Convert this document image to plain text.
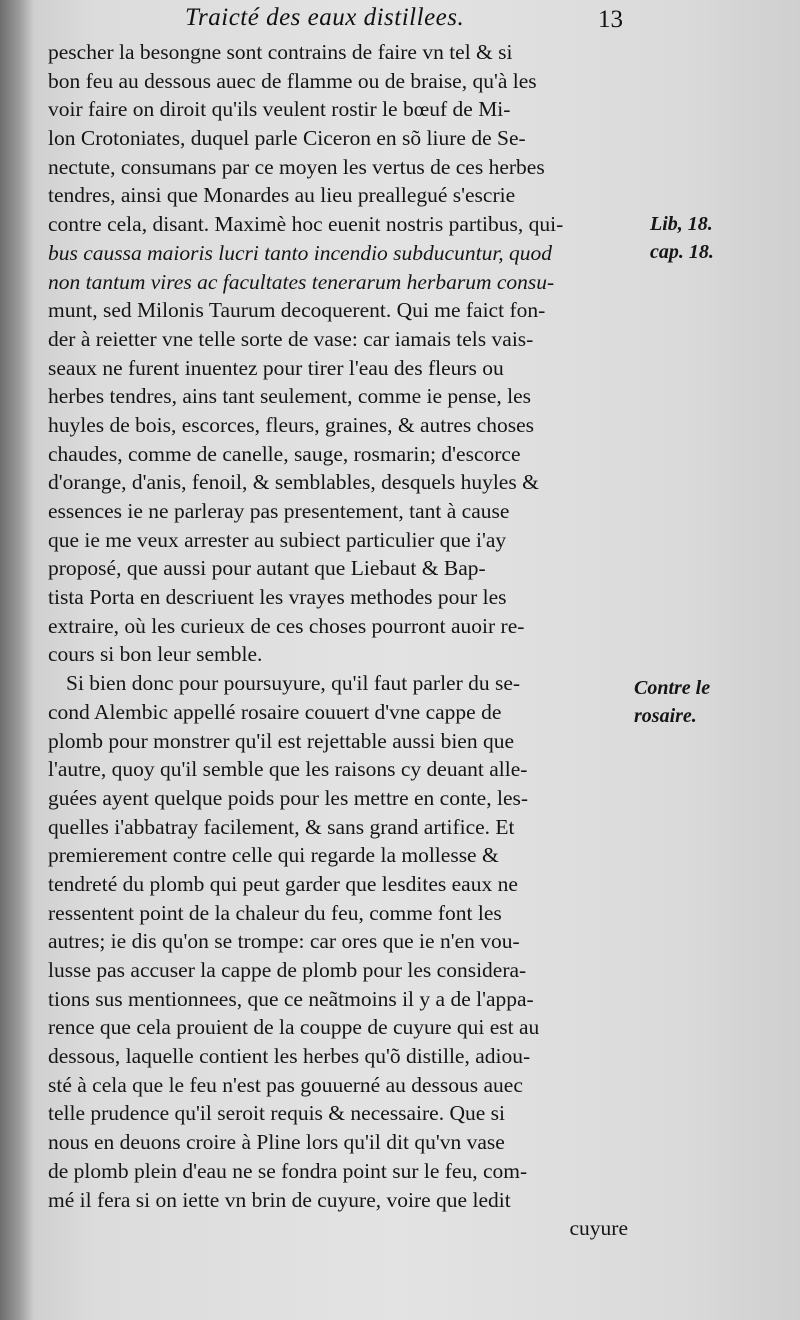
Traicté des eaux distillees.	13
pescher la besongne sont contrains de faire vn tel & si
bon feu au dessous auec de flamme ou de braise, qu'à les
voir faire on diroit qu'ils veulent rostir le bœuf de Mi-
lon Crotoniates, duquel parle Ciceron en sõ liure de Se-
nectute, consumans par ce moyen les vertus de ces herbes
tendres, ainsi que Monardes au lieu preallegué s'escrie
contre cela, disant. Maximè hoc euenit nostris partibus, qui-
bus caussa maioris lucri tanto incendio subducuntur, quod
non tantum vires ac facultates tenerarum herbarum consu-
munt, sed Milonis Taurum decoquerent. Qui me faict fon-
der à reietter vne telle sorte de vase: car iamais tels vais-
seaux ne furent inuentez pour tirer l'eau des fleurs ou
herbes tendres, ains tant seulement, comme ie pense, les
huyles de bois, escorces, fleurs, graines, & autres choses
chaudes, comme de canelle, sauge, rosmarin; d'escorce
d'orange, d'anis, fenoil, & semblables, desquels huyles &
essences ie ne parleray pas presentement, tant à cause
que ie me veux arrester au subiect particulier que i'ay
proposé, que aussi pour autant que Liebaut & Bap-
tista Porta en descriuent les vrayes methodes pour les
extraire, où les curieux de ces choses pourront auoir re-
cours si bon leur semble.
Si bien donc pour poursuyure, qu'il faut parler du se-
cond Alembic appellé rosaire couuert d'vne cappe de
plomb pour monstrer qu'il est rejettable aussi bien que
l'autre, quoy qu'il semble que les raisons cy deuant alle-
guées ayent quelque poids pour les mettre en conte, les-
quelles i'abbatray facilement, & sans grand artifice. Et
premierement contre celle qui regarde la mollesse &
tendreté du plomb qui peut garder que lesdites eaux ne
ressentent point de la chaleur du feu, comme font les
autres; ie dis qu'on se trompe: car ores que ie n'en vou-
lusse pas accuser la cappe de plomb pour les considera-
tions sus mentionnees, que ce neãtmoins il y a de l'appa-
rence que cela prouient de la couppe de cuyure qui est au
dessous, laquelle contient les herbes qu'õ distille, adiou-
sté à cela que le feu n'est pas gouuerné au dessous auec
telle prudence qu'il seroit requis & necessaire. Que si
nous en deuons croire à Pline lors qu'il dit qu'vn vase
de plomb plein d'eau ne se fondra point sur le feu, com-
mé il fera si on iette vn brin de cuyure, voire que ledit
cuyure
Lib, 18.
cap. 18.
Contre le
rosaire.
